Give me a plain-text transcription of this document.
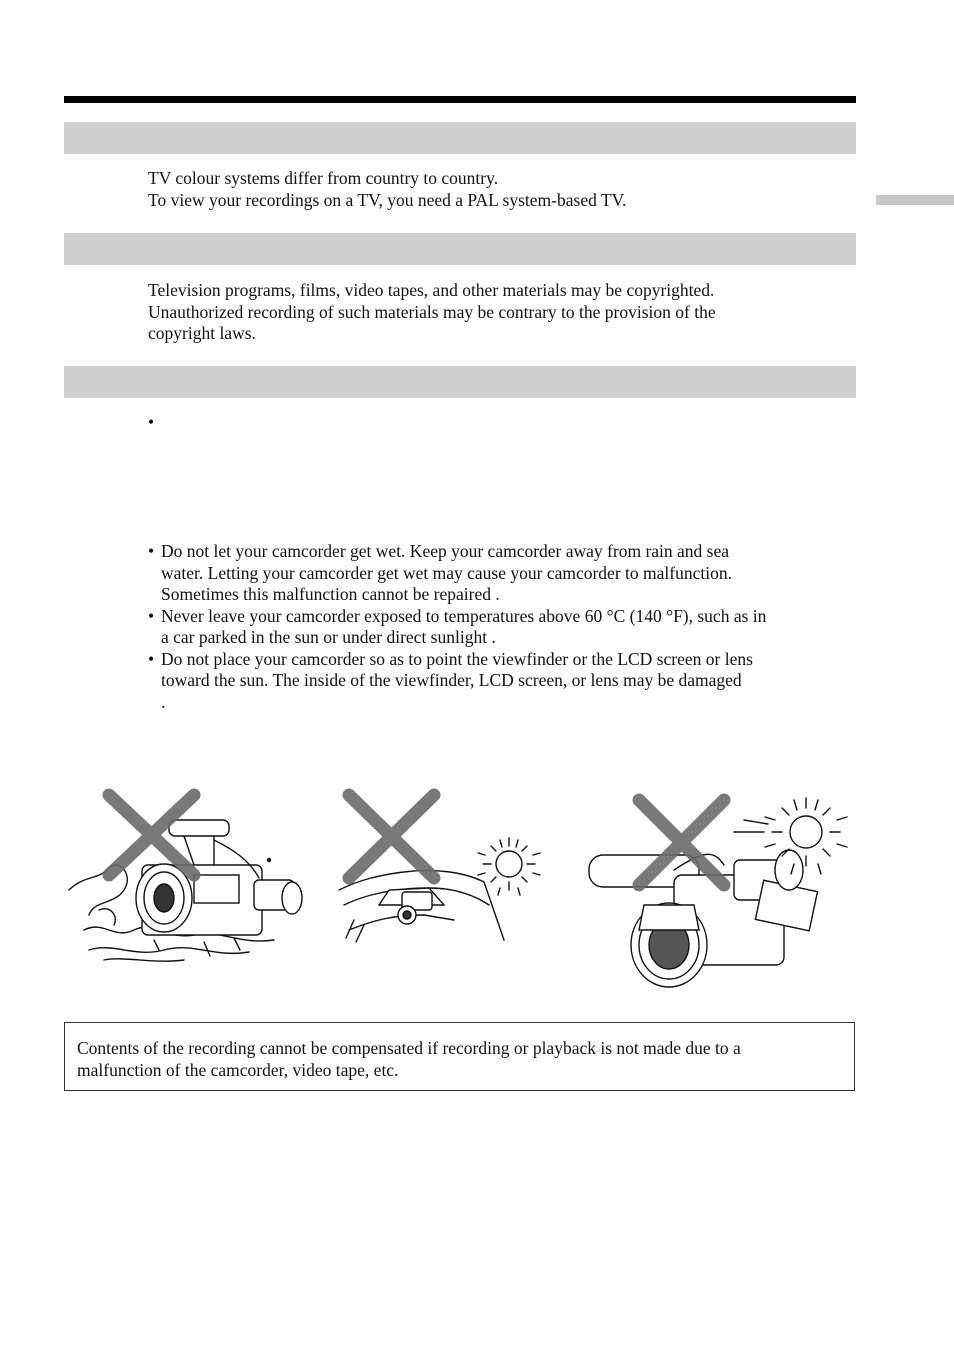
TV colour systems differ from country to country.
To view your recordings on a TV, you need a PAL system-based TV.
Television programs, films, video tapes, and other materials may be copyrighted.
Unauthorized recording of such materials may be contrary to the provision of the
copyright laws.
•
• Do not let your camcorder get wet. Keep your camcorder away from rain and sea
water. Letting your camcorder get wet may cause your camcorder to malfunction.
Sometimes this malfunction cannot be repaired .
• Never leave your camcorder exposed to temperatures above 60 °C (140 °F), such as in
a car parked in the sun or under direct sunlight .
• Do not place your camcorder so as to point the viewfinder or the LCD screen or lens
toward the sun. The inside of the viewfinder, LCD screen, or lens may be damaged
.
Contents of the recording cannot be compensated if recording or playback is not made due to a
malfunction of the camcorder, video tape, etc.
